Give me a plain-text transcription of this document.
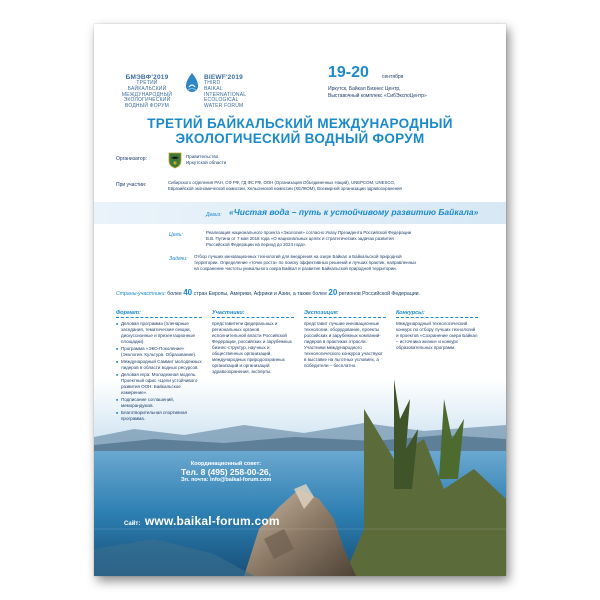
БМЭВФ'2019
ТРЕТИЙ
БАЙКАЛЬСКИЙ
МЕЖДУНАРОДНЫЙ
ЭКОЛОГИЧЕСКИЙ
ВОДНЫЙ ФОРУМ
BIEWF'2019
THIRD
BAIKAL
INTERNATIONAL
ECOLOGICAL
WATER FORUM
19-20	сентября
Иркутск, Байкал Бизнес Центр,
Выставочный комплекс «СибЭкспоЦентр»
ТРЕТИЙ БАЙКАЛЬСКИЙ МЕЖДУНАРОДНЫЙ
ЭКОЛОГИЧЕСКИЙ ВОДНЫЙ ФОРУМ
Организатор:	Правительство
Иркутской области
При участии:	Сибирского отделения РАН, СФ РФ, ГД ФС РФ, ООН (Организация Объединенных Наций), UNEPCOM, UNESCO,
Евразийской экономической комиссии, Хельсинской комиссии (ХЕЛКОМ), Всемирной организации здравоохранения
Девиз: «Чистая вода – путь к устойчивому развитию Байкала»
Цель:	Реализация национального проекта «Экология» согласно Указу Президента Российской Федерации
В.В. Путина от 7 мая 2018 года «О национальных целях и стратегических задачах развития
Российской Федерации на период до 2024 года».
Задачи: Отбор лучших инновационных технологий для внедрения на озере Байкал и Байкальской природной
территории. Определение «точек роста» по поиску эффективных решений и лучших практик, направленных
на сохранение чистоты уникального озера Байкал и развитие Байкальской природной территории.
Страны-участники: более 40 стран Европы, Америки, Африки и Азии, а также более 20 регионов Российской Федерации.
Координационный совет:
Тел. 8 (495) 258-00-26,
Эл. почта: info@baikal-forum.com
Сайт: www.baikal-forum.com
Формат:
■ Деловая программа (пленарные заседания, тематические секции, дискуссионные и презентационные площадки).
■ Программа «ЭКО-Поколение» (Экология. Культура. Образование).
■ Международный Саммит молодежных лидеров в области водных ресурсов.
■ Деловая игра: Молодежная модель. Проектный офис «Цели устойчивого развития ООН: Байкальское измерение».
■ Подписание соглашений, меморандумов.
■ Благотворительная спортивная программа.
Участники:
представители федеральных и региональных органов исполнительной власти Российской Федерации, российских и зарубежных бизнес-структур, научных и общественных организаций, международных природоохранных организаций и организаций здравоохранения, эксперты.
Экспозиция:
представит лучшие инновационные технологии, оборудование, проекты российских и зарубежных компаний-лидеров в практиках отрасли. Участники международного технологического конкурса участвуют в выставке на льготных условиях, а победители – бесплатно.
Конкурсы:
Международный технологический конкурс по отбору лучших технологий и проектов «Сохранение озера Байкал – источника жизни» и конкурс образовательных программ.
